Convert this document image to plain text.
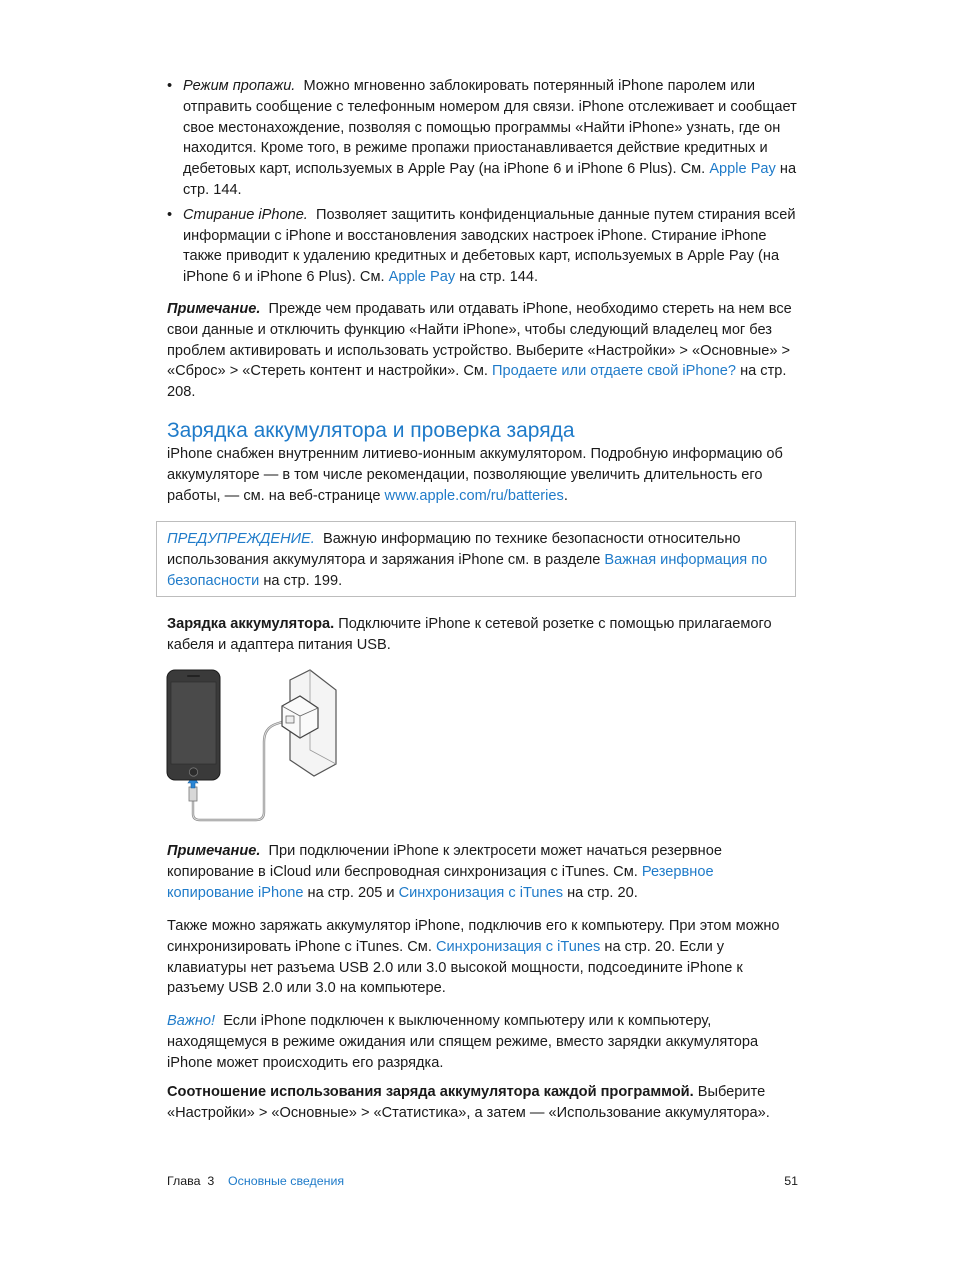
• Режим пропажи. Можно мгновенно заблокировать потерянный iPhone паролем или отправить сообщение с телефонным номером для связи. iPhone отслеживает и сообщает свое местонахождение, позволяя с помощью программы «Найти iPhone» узнать, где он находится. Кроме того, в режиме пропажи приостанавливается действие кредитных и дебетовых карт, используемых в Apple Pay (на iPhone 6 и iPhone 6 Plus). См. Apple Pay на стр. 144.
• Стирание iPhone. Позволяет защитить конфиденциальные данные путем стирания всей информации с iPhone и восстановления заводских настроек iPhone. Стирание iPhone также приводит к удалению кредитных и дебетовых карт, используемых в Apple Pay (на iPhone 6 и iPhone 6 Plus). См. Apple Pay на стр. 144.

Примечание. Прежде чем продавать или отдавать iPhone, необходимо стереть на нем все свои данные и отключить функцию «Найти iPhone», чтобы следующий владелец мог без проблем активировать и использовать устройство. Выберите «Настройки» > «Основные» > «Сброс» > «Стереть контент и настройки». См. Продаете или отдаете свой iPhone? на стр. 208.

Зарядка аккумулятора и проверка заряда

iPhone снабжен внутренним литиево-ионным аккумулятором. Подробную информацию об аккумуляторе — в том числе рекомендации, позволяющие увеличить длительность его работы, — см. на веб-странице www.apple.com/ru/batteries.

ПРЕДУПРЕЖДЕНИЕ. Важную информацию по технике безопасности относительно использования аккумулятора и заряжания iPhone см. в разделе Важная информация по безопасности на стр. 199.

Зарядка аккумулятора. Подключите iPhone к сетевой розетке с помощью прилагаемого кабеля и адаптера питания USB.

Примечание. При подключении iPhone к электросети может начаться резервное копирование в iCloud или беспроводная синхронизация с iTunes. См. Резервное копирование iPhone на стр. 205 и Синхронизация с iTunes на стр. 20.

Также можно заряжать аккумулятор iPhone, подключив его к компьютеру. При этом можно синхронизировать iPhone с iTunes. См. Синхронизация с iTunes на стр. 20. Если у клавиатуры нет разъема USB 2.0 или 3.0 высокой мощности, подсоедините iPhone к разъему USB 2.0 или 3.0 на компьютере.

Важно! Если iPhone подключен к выключенному компьютеру или к компьютеру, находящемуся в режиме ожидания или спящем режиме, вместо зарядки аккумулятора iPhone может происходить его разрядка.

Соотношение использования заряда аккумулятора каждой программой. Выберите «Настройки» > «Основные» > «Статистика», а затем — «Использование аккумулятора».

Глава  3 Основные сведения	51
